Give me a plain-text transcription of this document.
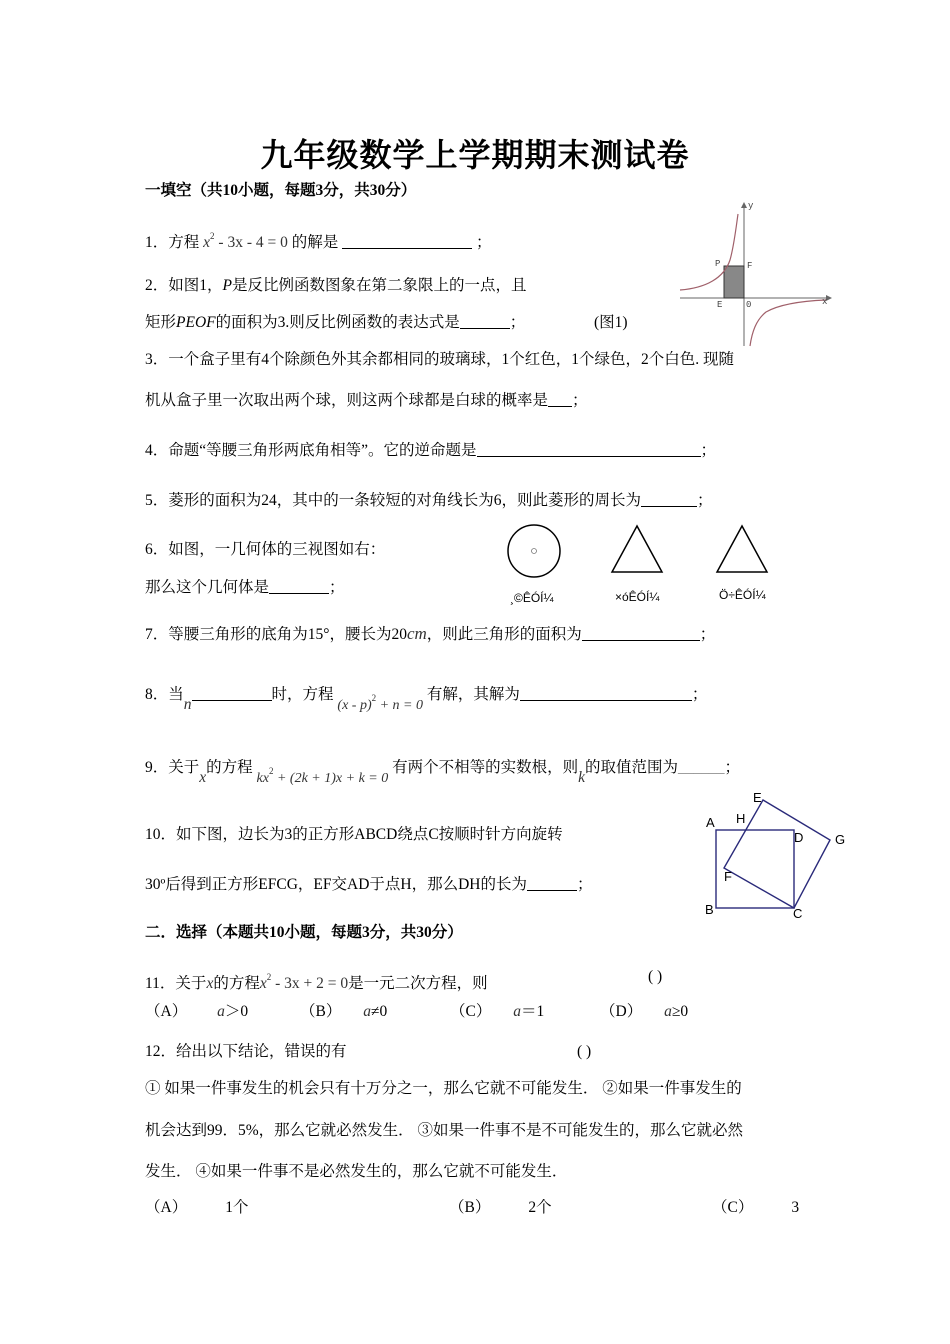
九年级数学上学期期末测试卷
一填空（共10小题，每题3分，共30分）
1．方程 $x^2 - 3x - 4 = 0$ 的解是	；
2．如图1，P是反比例函数图象在第二象限上的一点，且
矩形PEOF的面积为3.则反比例函数的表达式是	；	(图1)
y
x
P	F
E	0
3．一个盒子里有4个除颜色外其余都相同的玻璃球，1个红色，1个绿色，2个白色. 现随
机从盒子里一次取出两个球，则这两个球都是白球的概率是 ；
4．命题“等腰三角形两底角相等”。它的逆命题是	；
5．菱形的面积为24，其中的一条较短的对角线长为6，则此菱形的周长为	；
6．如图，一几何体的三视图如右：
那么这个几何体是	；
¸©ÊÓÍ¼	×óÊÓÍ¼	Ö÷ÊÓÍ¼
7．等腰三角形的底角为15°，腰长为20cm，则此三角形的面积为	；
8．当n时，方程 (x - p)$^2$ + n = 0 有解，其解为	；
9．关于x的方程 $kx^2 + (2k + 1)x + k = 0$ 有两个不相等的实数根，则k的取值范围为______；
10．如下图，边长为3的正方形ABCD绕点C按顺时针方向旋转
30º后得到正方形EFCG，EF交AD于点H，那么DH的长为	；
A
B	C
D
E
F
G
H
二．选择（本题共10小题，每题3分，共30分）
11．关于x的方程$x^2 - 3x + 2 = 0$是一元二次方程，则	( )
（A） a＞0	（B） a≠0	（C） a＝1	（D） a≥0
12．给出以下结论，错误的有	( )
① 如果一件事发生的机会只有十万分之一，那么它就不可能发生． ②如果一件事发生的
机会达到99．5%，那么它就必然发生． ③如果一件事不是不可能发生的，那么它就必然
发生． ④如果一件事不是必然发生的，那么它就不可能发生．
（A） 1个	（B） 2个	（C） 3
